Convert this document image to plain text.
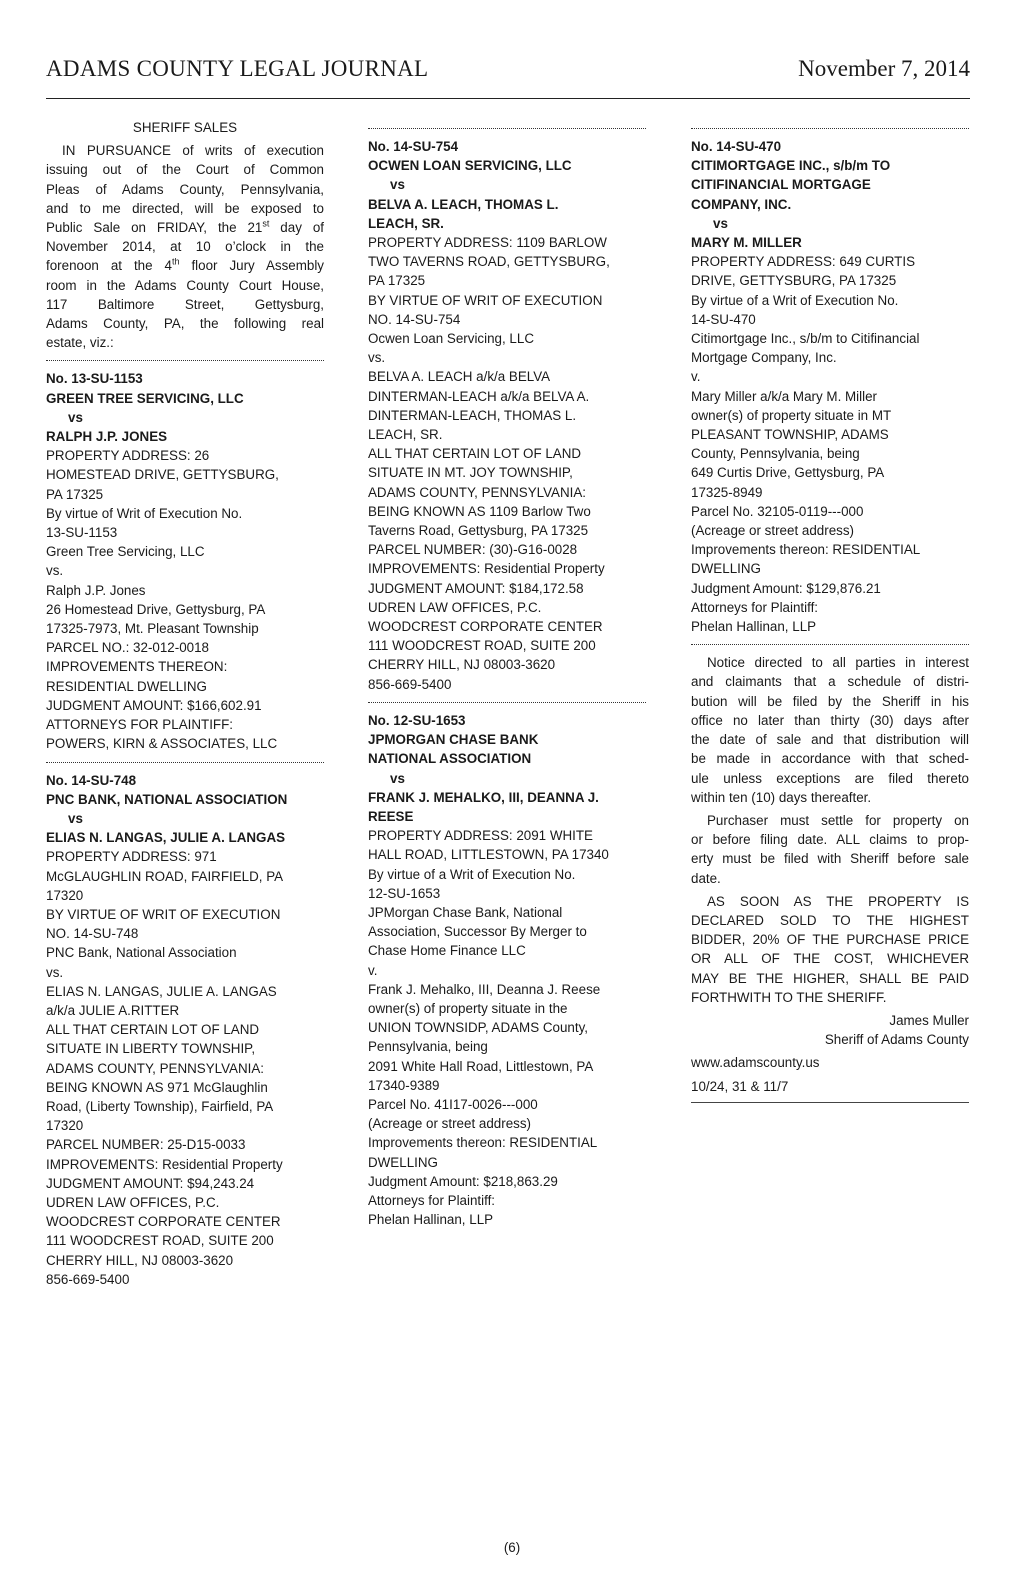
ADAMS COUNTY LEGAL JOURNAL	November 7, 2014
SHERIFF SALES
IN PURSUANCE of writs of execution
issuing out of the Court of Common
Pleas of Adams County, Pennsylvania,
and to me directed, will be exposed to
Public Sale on FRIDAY, the 21st day of
November 2014, at 10 o’clock in the
forenoon at the 4th floor Jury Assembly
room in the Adams County Court House,
117 Baltimore Street, Gettysburg,
Adams County, PA, the following real
estate, viz.:
No. 13-SU-1153
GREEN TREE SERVICING, LLC
vs
RALPH J.P. JONES
PROPERTY ADDRESS: 26
HOMESTEAD DRIVE, GETTYSBURG,
PA 17325
By virtue of Writ of Execution No.
13-SU-1153
Green Tree Servicing, LLC
vs.
Ralph J.P. Jones
26 Homestead Drive, Gettysburg, PA
17325-7973, Mt. Pleasant Township
PARCEL NO.: 32-012-0018
IMPROVEMENTS THEREON:
RESIDENTIAL DWELLING
JUDGMENT AMOUNT: $166,602.91
ATTORNEYS FOR PLAINTIFF:
POWERS, KIRN & ASSOCIATES, LLC
No. 14-SU-748
PNC BANK, NATIONAL ASSOCIATION
vs
ELIAS N. LANGAS, JULIE A. LANGAS
PROPERTY ADDRESS: 971
McGLAUGHLIN ROAD, FAIRFIELD, PA
17320
BY VIRTUE OF WRIT OF EXECUTION
NO. 14-SU-748
PNC Bank, National Association
vs.
ELIAS N. LANGAS, JULIE A. LANGAS
a/k/a JULIE A.RITTER
ALL THAT CERTAIN LOT OF LAND
SITUATE IN LIBERTY TOWNSHIP,
ADAMS COUNTY, PENNSYLVANIA:
BEING KNOWN AS 971 McGlaughlin
Road, (Liberty Township), Fairfield, PA
17320
PARCEL NUMBER: 25-D15-0033
IMPROVEMENTS: Residential Property
JUDGMENT AMOUNT: $94,243.24
UDREN LAW OFFICES, P.C.
WOODCREST CORPORATE CENTER
111 WOODCREST ROAD, SUITE 200
CHERRY HILL, NJ 08003-3620
856-669-5400
No. 14-SU-754
OCWEN LOAN SERVICING, LLC
vs
BELVA A. LEACH, THOMAS L.
LEACH, SR.
PROPERTY ADDRESS: 1109 BARLOW
TWO TAVERNS ROAD, GETTYSBURG,
PA 17325
BY VIRTUE OF WRIT OF EXECUTION
NO. 14-SU-754
Ocwen Loan Servicing, LLC
vs.
BELVA A. LEACH a/k/a BELVA
DINTERMAN-LEACH a/k/a BELVA A.
DINTERMAN-LEACH, THOMAS L.
LEACH, SR.
ALL THAT CERTAIN LOT OF LAND
SITUATE IN MT. JOY TOWNSHIP,
ADAMS COUNTY, PENNSYLVANIA:
BEING KNOWN AS 1109 Barlow Two
Taverns Road, Gettysburg, PA 17325
PARCEL NUMBER: (30)-G16-0028
IMPROVEMENTS: Residential Property
JUDGMENT AMOUNT: $184,172.58
UDREN LAW OFFICES, P.C.
WOODCREST CORPORATE CENTER
111 WOODCREST ROAD, SUITE 200
CHERRY HILL, NJ 08003-3620
856-669-5400
No. 12-SU-1653
JPMORGAN CHASE BANK
NATIONAL ASSOCIATION
vs
FRANK J. MEHALKO, III, DEANNA J.
REESE
PROPERTY ADDRESS: 2091 WHITE
HALL ROAD, LITTLESTOWN, PA 17340
By virtue of a Writ of Execution No.
12-SU-1653
JPMorgan Chase Bank, National
Association, Successor By Merger to
Chase Home Finance LLC
v.
Frank J. Mehalko, III, Deanna J. Reese
owner(s) of property situate in the
UNION TOWNSIDP, ADAMS County,
Pennsylvania, being
2091 White Hall Road, Littlestown, PA
17340-9389
Parcel No. 41I17-0026---000
(Acreage or street address)
Improvements thereon: RESIDENTIAL
DWELLING
Judgment Amount: $218,863.29
Attorneys for Plaintiff:
Phelan Hallinan, LLP
No. 14-SU-470
CITIMORTGAGE INC., s/b/m TO
CITIFINANCIAL MORTGAGE
COMPANY, INC.
vs
MARY M. MILLER
PROPERTY ADDRESS: 649 CURTIS
DRIVE, GETTYSBURG, PA 17325
By virtue of a Writ of Execution No.
14-SU-470
Citimortgage Inc., s/b/m to Citifinancial
Mortgage Company, Inc.
v.
Mary Miller a/k/a Mary M. Miller
owner(s) of property situate in MT
PLEASANT TOWNSHIP, ADAMS
County, Pennsylvania, being
649 Curtis Drive, Gettysburg, PA
17325-8949
Parcel No. 32105-0119---000
(Acreage or street address)
Improvements thereon: RESIDENTIAL
DWELLING
Judgment Amount: $129,876.21
Attorneys for Plaintiff:
Phelan Hallinan, LLP
Notice directed to all parties in interest
and claimants that a schedule of distri-
bution will be filed by the Sheriff in his
office no later than thirty (30) days after
the date of sale and that distribution will
be made in accordance with that sched-
ule unless exceptions are filed thereto
within ten (10) days thereafter.
Purchaser must settle for property on
or before filing date. ALL claims to prop-
erty must be filed with Sheriff before sale
date.
AS SOON AS THE PROPERTY IS
DECLARED SOLD TO THE HIGHEST
BIDDER, 20% OF THE PURCHASE PRICE
OR ALL OF THE COST, WHICHEVER
MAY BE THE HIGHER, SHALL BE PAID
FORTHWITH TO THE SHERIFF.
James Muller
Sheriff of Adams County
www.adamscounty.us
10/24, 31 & 11/7
(6)
